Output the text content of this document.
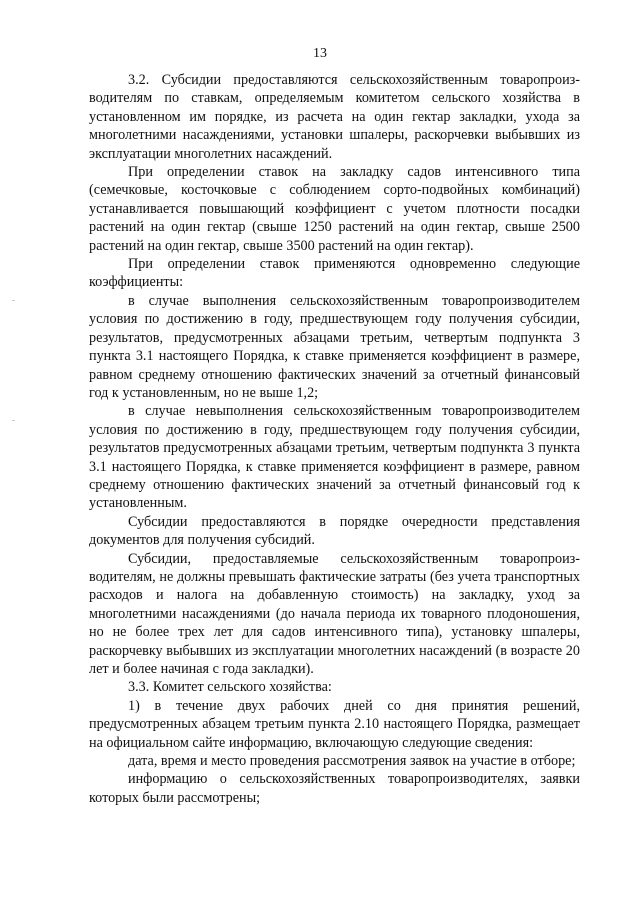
13

3.2. Субсидии предоставляются сельскохозяйственным товаропроизводителям по ставкам, определяемым комитетом сельского хозяйства в установленном им порядке, из расчета на один гектар закладки, ухода за многолетними насаждениями, установки шпалеры, раскорчевки выбывших из эксплуатации многолетних насаждений.

При определении ставок на закладку садов интенсивного типа (семечковые, косточковые с соблюдением сорто-подвойных комбинаций) устанавливается повышающий коэффициент с учетом плотности посадки растений на один гектар (свыше 1250 растений на один гектар, свыше 2500 растений на один гектар, свыше 3500 растений на один гектар).

При определении ставок применяются одновременно следующие коэффициенты:

в случае выполнения сельскохозяйственным товаропроизводителем условия по достижению в году, предшествующем году получения субсидии, результатов, предусмотренных абзацами третьим, четвертым подпункта 3 пункта 3.1 настоящего Порядка, к ставке применяется коэффициент в размере, равном среднему отношению фактических значений за отчетный финансовый год к установленным, но не выше 1,2;

в случае невыполнения сельскохозяйственным товаропроизводителем условия по достижению в году, предшествующем году получения субсидии, результатов предусмотренных абзацами третьим, четвертым подпункта 3 пункта 3.1 настоящего Порядка, к ставке применяется коэффициент в размере, равном среднему отношению фактических значений за отчетный финансовый год к установленным.

Субсидии предоставляются в порядке очередности представления документов для получения субсидий.

Субсидии, предоставляемые сельскохозяйственным товаропроизводителям, не должны превышать фактические затраты (без учета транспортных расходов и налога на добавленную стоимость) на закладку, уход за многолетними насаждениями (до начала периода их товарного плодоношения, но не более трех лет для садов интенсивного типа), установку шпалеры, раскорчевку выбывших из эксплуатации многолетних насаждений (в возрасте 20 лет и более начиная с года закладки).

3.3. Комитет сельского хозяйства:

1) в течение двух рабочих дней со дня принятия решений, предусмотренных абзацем третьим пункта 2.10 настоящего Порядка, размещает на официальном сайте информацию, включающую следующие сведения:

дата, время и место проведения рассмотрения заявок на участие в отборе;

информацию о сельскохозяйственных товаропроизводителях, заявки которых были рассмотрены;
